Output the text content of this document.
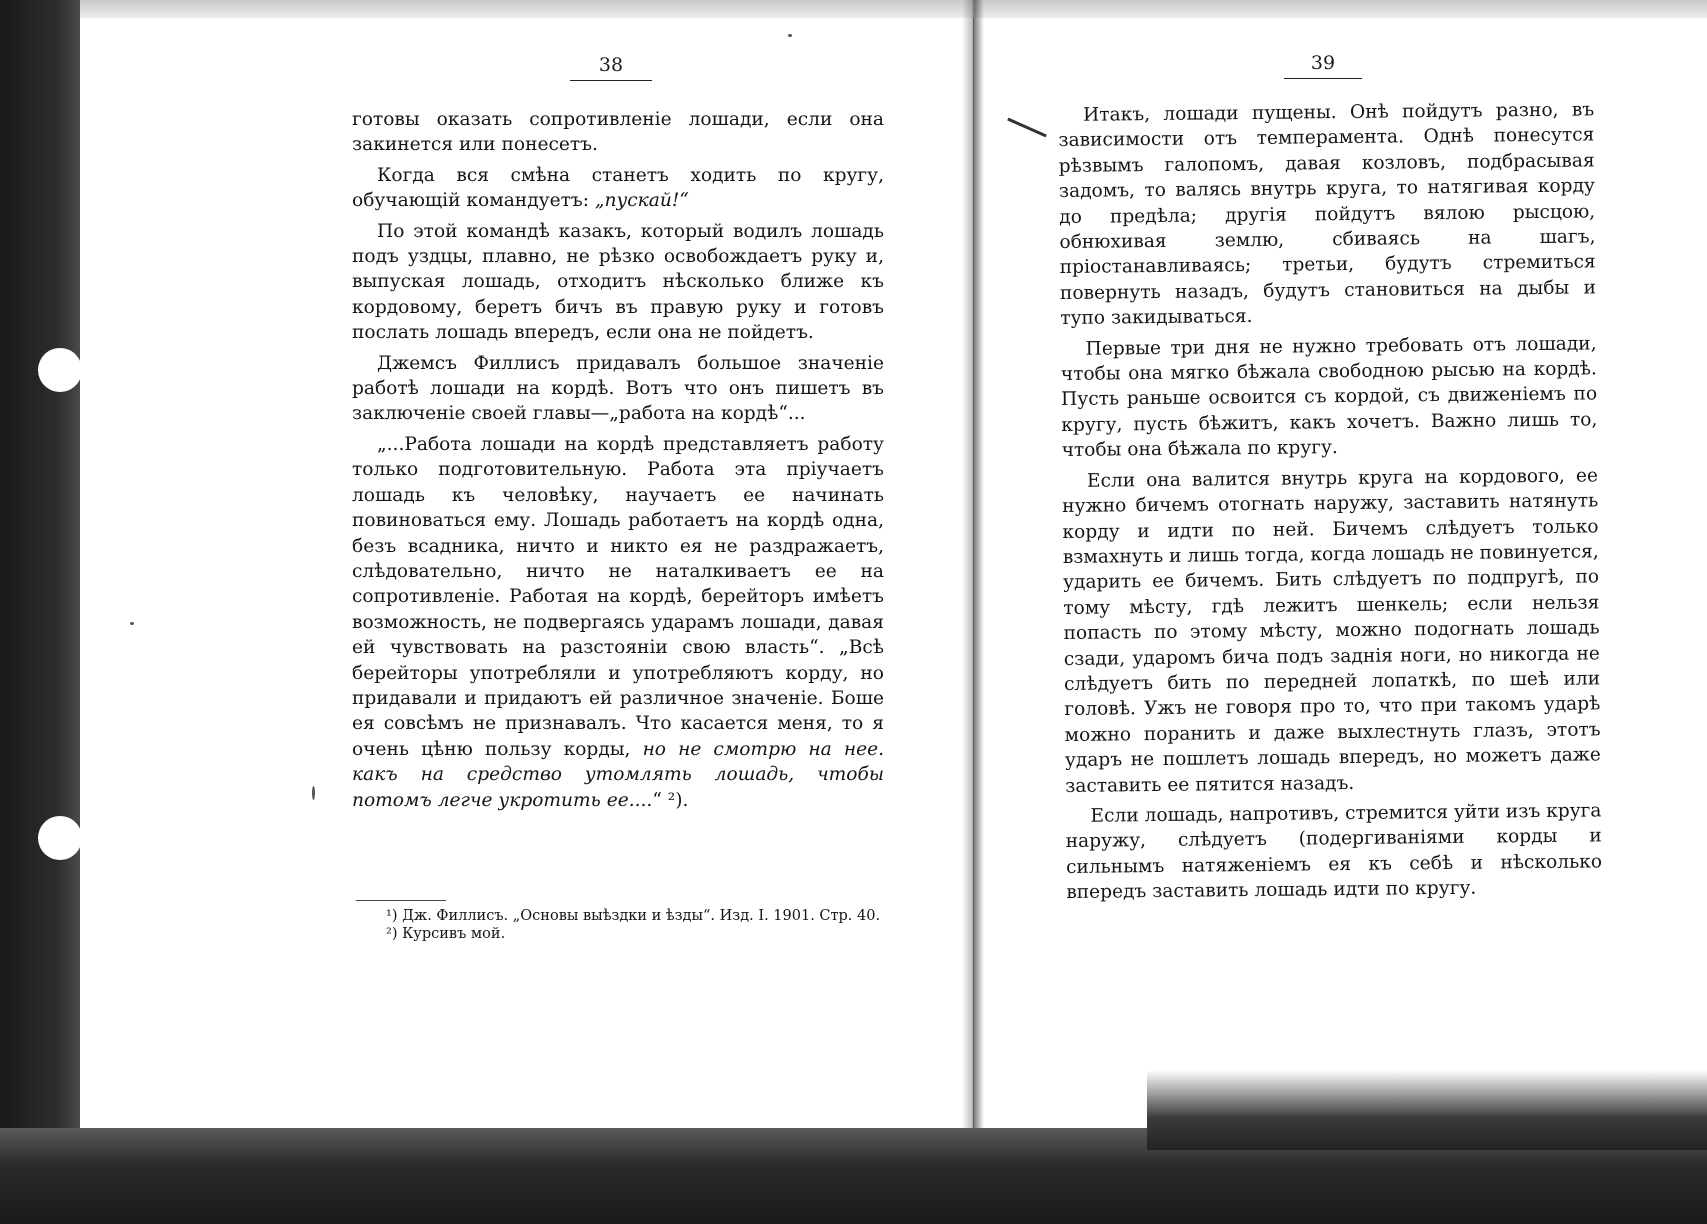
38

готовы оказать сопротивленіе лошади, если она закинется или понесетъ.

Когда вся смѣна станетъ ходить по кругу, обучающій командуетъ: „пускай!“

По этой командѣ казакъ, который водилъ лошадь подъ уздцы, плавно, не рѣзко освобождаетъ руку и, выпуская лошадь, отходитъ нѣсколько ближе къ кордовому, беретъ бичъ въ правую руку и готовъ послать лошадь впередъ, если она не пойдетъ.

Джемсъ Филлисъ придавалъ большое значеніе работѣ лошади на кордѣ. Вотъ что онъ пишетъ въ заключеніе своей главы—„работа на кордѣ“...

„...Работа лошади на кордѣ представляетъ работу только подготовительную. Работа эта пріучаетъ лошадь къ человѣку, научаетъ ее начинать повиноваться ему. Лошадь работаетъ на кордѣ одна, безъ всадника, ничто и никто ея не раздражаетъ, слѣдовательно, ничто не наталкиваетъ ее на сопротивленіе. Работая на кордѣ, берейторъ имѣетъ возможность, не подвергаясь ударамъ лошади, давая ей чувствовать на разстояніи свою власть“. „Всѣ берейторы употребляли и употребляютъ корду, но придавали и придаютъ ей различное значеніе. Боше ея совсѣмъ не признавалъ. Что касается меня, то я очень цѣню пользу корды, но не смотрю на нее. какъ на средство утомлять лошадь, чтобы потомъ легче укротить ее....“ ²).

¹) Дж. Филлисъ. „Основы выѣздки и ѣзды“. Изд. I. 1901. Стр. 40.

²) Курсивъ мой.

39

Итакъ, лошади пущены. Онѣ пойдутъ разно, въ зависимости отъ темперамента. Однѣ понесутся рѣзвымъ галопомъ, давая козловъ, подбрасывая задомъ, то валясь внутрь круга, то натягивая корду до предѣла; другія пойдутъ вялою рысцою, обнюхивая землю, сбиваясь на шагъ, пріостанавливаясь; третьи, будутъ стремиться повернуть назадъ, будутъ становиться на дыбы и тупо закидываться.

Первые три дня не нужно требовать отъ лошади, чтобы она мягко бѣжала свободною рысью на кордѣ. Пусть раньше освоится съ кордой, съ движеніемъ по кругу, пусть бѣжитъ, какъ хочетъ. Важно лишь то, чтобы она бѣжала по кругу.

Если она валится внутрь круга на кордового, ее нужно бичемъ отогнать наружу, заставить натянуть корду и идти по ней. Бичемъ слѣдуетъ только взмахнуть и лишь тогда, когда лошадь не повинуется, ударить ее бичемъ. Бить слѣдуетъ по подпругѣ, по тому мѣсту, гдѣ лежитъ шенкель; если нельзя попасть по этому мѣсту, можно подогнать лошадь сзади, ударомъ бича подъ заднія ноги, но никогда не слѣдуетъ бить по передней лопаткѣ, по шеѣ или головѣ. Ужъ не говоря про то, что при такомъ ударѣ можно поранить и даже выхлестнуть глазъ, этотъ ударъ не пошлетъ лошадь впередъ, но можетъ даже заставить ее пятится назадъ.

Если лошадь, напротивъ, стремится уйти изъ круга наружу, слѣдуетъ (подергиваніями корды и сильнымъ натяженіемъ ея къ себѣ и нѣсколько впередъ заставить лошадь идти по кругу.
